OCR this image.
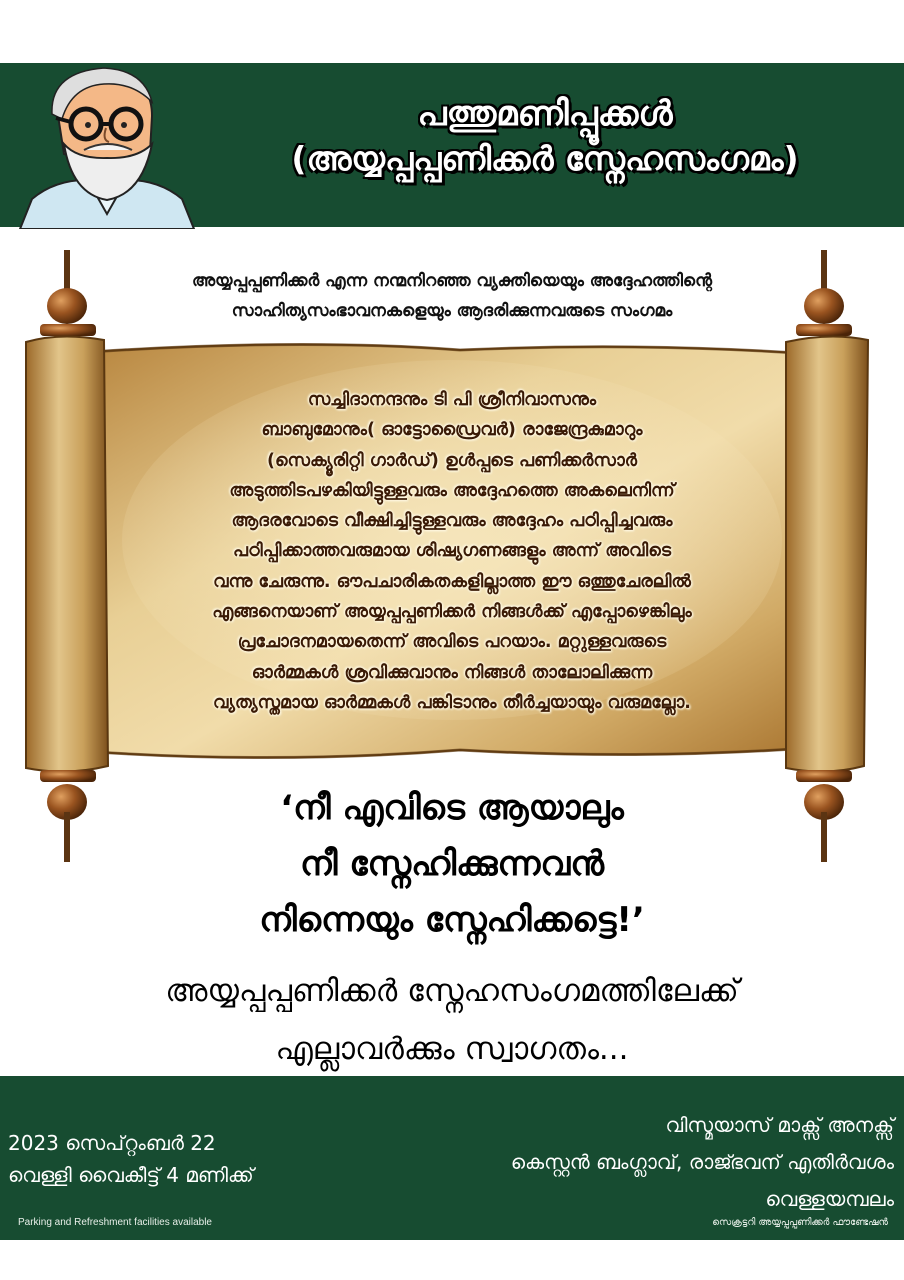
പത്തുമണിപ്പൂക്കൾ
(അയ്യപ്പപ്പണിക്കർ സ്നേഹസംഗമം)
അയ്യപ്പപ്പണിക്കർ എന്ന നന്മനിറഞ്ഞ വ്യക്തിയെയും അദ്ദേഹത്തിന്റെ
സാഹിത്യസംഭാവനകളെയും ആദരിക്കുന്നവരുടെ സംഗമം
സച്ചിദാനന്ദനും ടി പി ശ്രീനിവാസനും
ബാബുമോനും( ഓട്ടോഡ്രൈവർ) രാജേന്ദ്രകുമാറും
(സെക്യൂരിറ്റി ഗാർഡ്) ഉൾപ്പടെ പണിക്കർസാർ
അടുത്തിടപഴകിയിട്ടുള്ളവരും അദ്ദേഹത്തെ അകലെനിന്ന്
ആദരവോടെ വീക്ഷിച്ചിട്ടുള്ളവരും അദ്ദേഹം പഠിപ്പിച്ചവരും
പഠിപ്പിക്കാത്തവരുമായ ശിഷ്യഗണങ്ങളും അന്ന് അവിടെ
വന്നു ചേരുന്നു. ഔപചാരികതകളില്ലാത്ത ഈ ഒത്തുചേരലിൽ
എങ്ങനെയാണ് അയ്യപ്പപ്പണിക്കർ നിങ്ങൾക്ക് എപ്പോഴെങ്കിലും
പ്രചോദനമായതെന്ന് അവിടെ പറയാം. മറ്റുള്ളവരുടെ
ഓർമ്മകൾ ശ്രവിക്കുവാനും നിങ്ങൾ താലോലിക്കുന്ന
വ്യത്യസ്തമായ ഓർമ്മകൾ പങ്കിടാനും തീർച്ചയായും വരുമല്ലോ.
‘നീ എവിടെ ആയാലും
നീ സ്നേഹിക്കുന്നവൻ
നിന്നെയും സ്നേഹിക്കട്ടെ!’
അയ്യപ്പപ്പണിക്കർ സ്നേഹസംഗമത്തിലേക്ക്
എല്ലാവർക്കും സ്വാഗതം...
2023 സെപ്റ്റംബർ 22
വെള്ളി വൈകീട്ട് 4 മണിക്ക്
വിസ്മയാസ് മാക്സ് അനക്സ്
കെസ്റ്റൻ ബംഗ്ലാവ്, രാജ്ഭവന് എതിർവശം
വെള്ളയമ്പലം
Parking and Refreshment facilities available	സെക്രട്ടറി അയ്യപ്പപ്പണിക്കർ ഫൗണ്ടേഷൻ
